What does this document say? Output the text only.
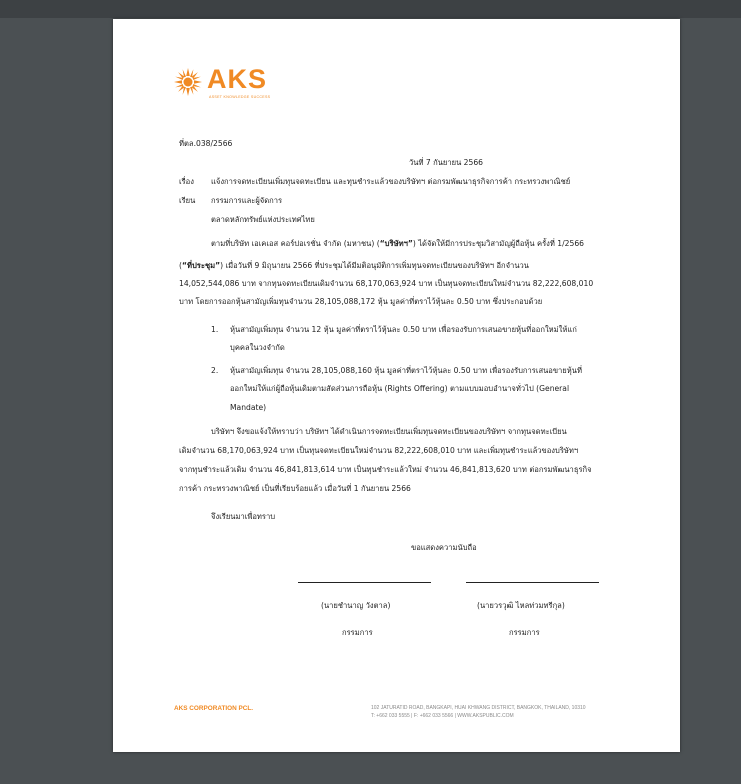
AKS
ASSET KNOWLEDGE SUCCESS
ที่ตล.038/2566
วันที่ 7 กันยายน 2566
เรื่อง แจ้งการจดทะเบียนเพิ่มทุนจดทะเบียน และทุนชำระแล้วของบริษัทฯ ต่อกรมพัฒนาธุรกิจการค้า กระทรวงพาณิชย์
เรียน กรรมการและผู้จัดการ
ตลาดหลักทรัพย์แห่งประเทศไทย
ตามที่บริษัท เอเคเอส คอร์ปอเรชั่น จำกัด (มหาชน) (“บริษัทฯ”) ได้จัดให้มีการประชุมวิสามัญผู้ถือหุ้น ครั้งที่ 1/2566
(“ที่ประชุม”) เมื่อวันที่ 9 มิถุนายน 2566 ที่ประชุมได้มีมติอนุมัติการเพิ่มทุนจดทะเบียนของบริษัทฯ อีกจำนวน
14,052,544,086 บาท จากทุนจดทะเบียนเดิมจำนวน 68,170,063,924 บาท เป็นทุนจดทะเบียนใหม่จำนวน 82,222,608,010
บาท โดยการออกหุ้นสามัญเพิ่มทุนจำนวน 28,105,088,172 หุ้น มูลค่าที่ตราไว้หุ้นละ 0.50 บาท ซึ่งประกอบด้วย
1. หุ้นสามัญเพิ่มทุน จำนวน 12 หุ้น มูลค่าที่ตราไว้หุ้นละ 0.50 บาท เพื่อรองรับการเสนอขายหุ้นที่ออกใหม่ให้แก่
บุคคลในวงจำกัด
2. หุ้นสามัญเพิ่มทุน จำนวน 28,105,088,160 หุ้น มูลค่าที่ตราไว้หุ้นละ 0.50 บาท เพื่อรองรับการเสนอขายหุ้นที่
ออกใหม่ให้แก่ผู้ถือหุ้นเดิมตามสัดส่วนการถือหุ้น (Rights Offering) ตามแบบมอบอำนาจทั่วไป (General
Mandate)
บริษัทฯ จึงขอแจ้งให้ทราบว่า บริษัทฯ ได้ดำเนินการจดทะเบียนเพิ่มทุนจดทะเบียนของบริษัทฯ จากทุนจดทะเบียน
เดิมจำนวน 68,170,063,924 บาท เป็นทุนจดทะเบียนใหม่จำนวน 82,222,608,010 บาท และเพิ่มทุนชำระแล้วของบริษัทฯ
จากทุนชำระแล้วเดิม จำนวน 46,841,813,614 บาท เป็นทุนชำระแล้วใหม่ จำนวน 46,841,813,620 บาท ต่อกรมพัฒนาธุรกิจ
การค้า กระทรวงพาณิชย์ เป็นที่เรียบร้อยแล้ว เมื่อวันที่ 1 กันยายน 2566
จึงเรียนมาเพื่อทราบ
ขอแสดงความนับถือ
(นายชำนาญ วังตาล)	(นายวรวุฒิ ไหลท่วมทรีกุล)
กรรมการ	กรรมการ
AKS CORPORATION PCL.	102 JATURATID ROAD, BANGKAPI, HUAI KHWANG DISTRICT, BANGKOK, THAILAND, 10310
T: +662 033 5555 | F: +662 033 5566 | WWW.AKSPUBLIC.COM
